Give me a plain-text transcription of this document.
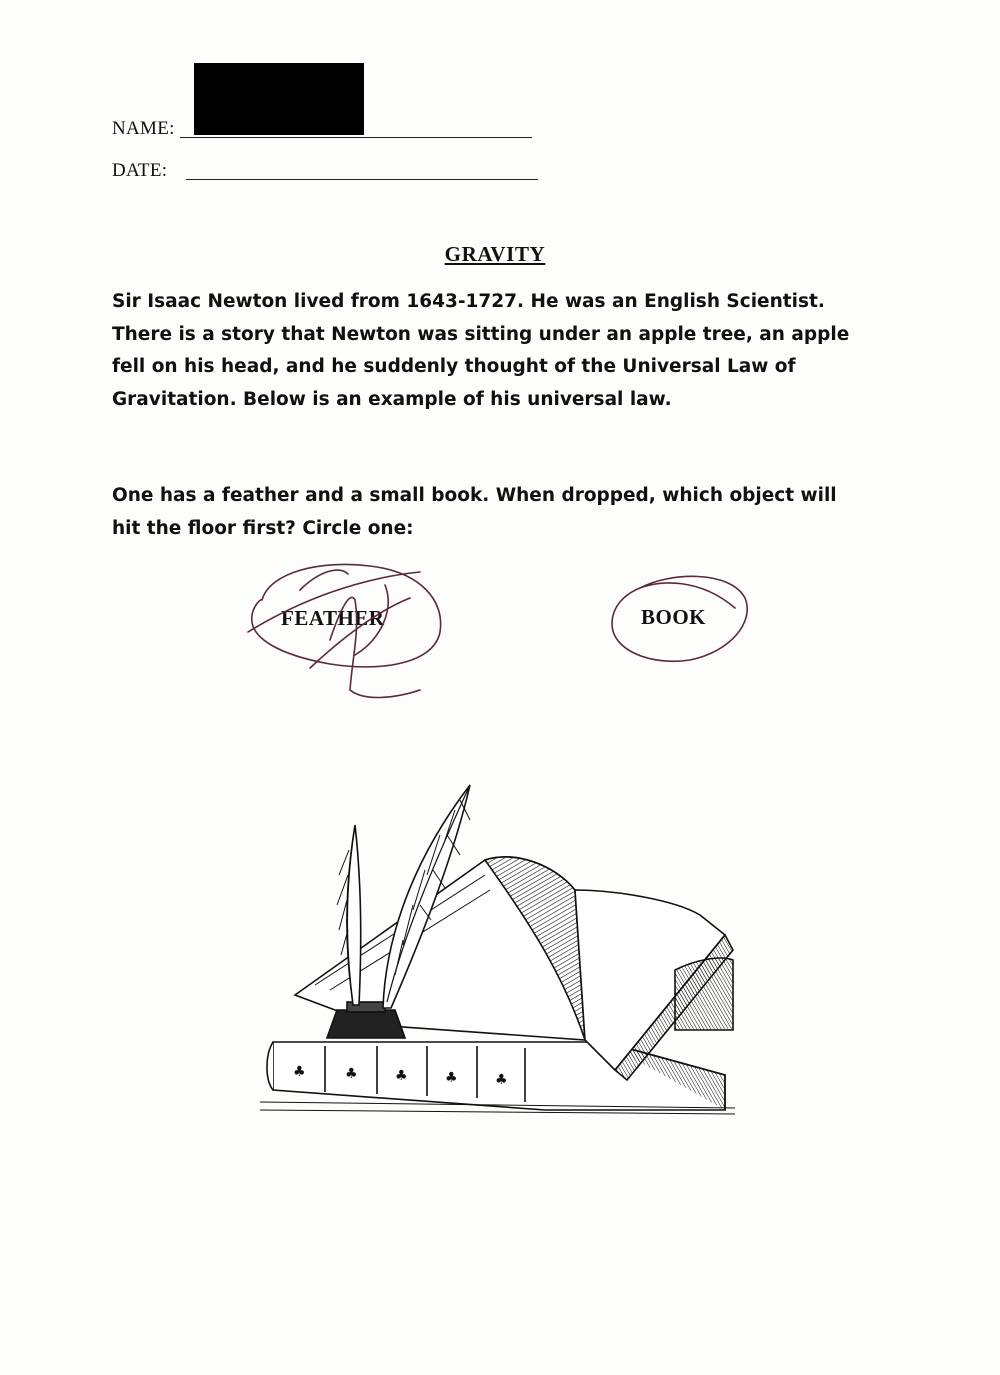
NAME:
DATE:
GRAVITY

Sir Isaac Newton lived from 1643-1727. He was an English Scientist.

There is a story that Newton was sitting under an apple tree, an apple

fell on his head, and he suddenly thought of the Universal Law of

Gravitation. Below is an example of his universal law.

One has a feather and a small book. When dropped, which object will

hit the floor first? Circle one:

FEATHER	BOOK
♣	♣	♣	♣	♣
